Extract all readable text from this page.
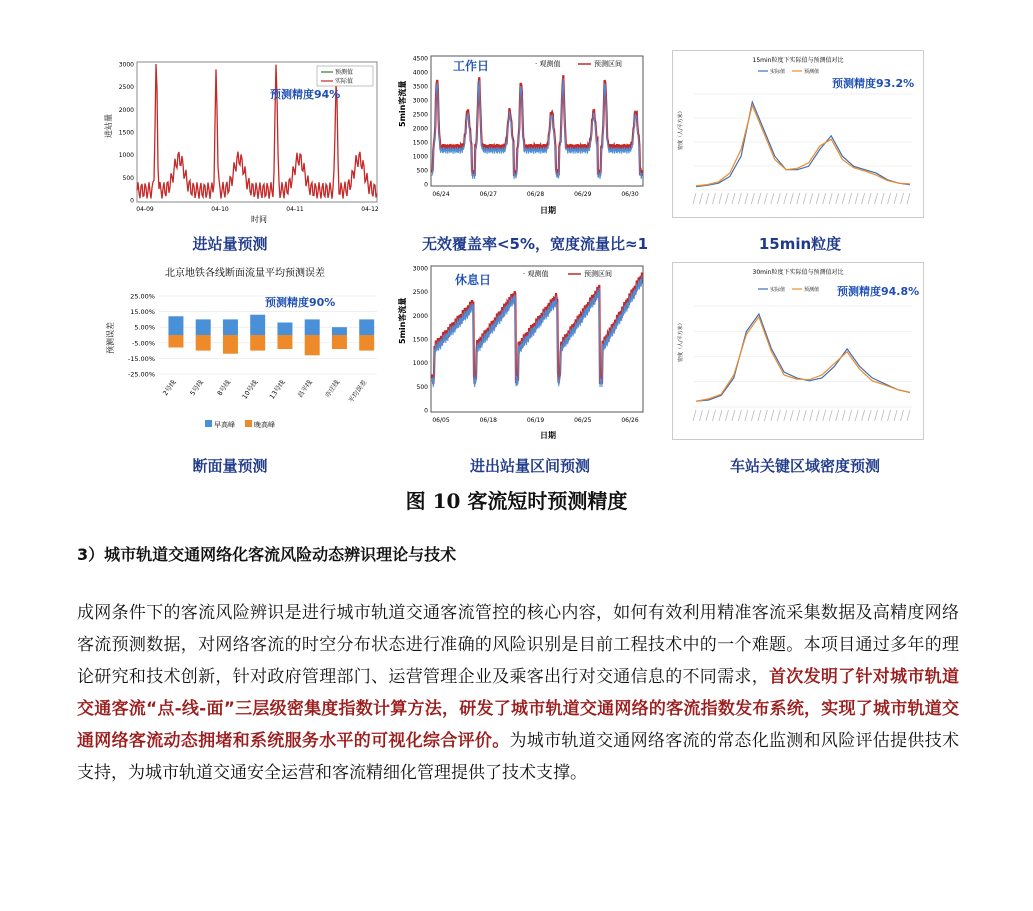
3000
2500
2000
1500
1000
500
0
04-09	04-10	04-11	04-12
进站量
时间
预测值
实际值
预测精度94%
进站量预测
4500
4000
3500
3000
2500
2000
1500
1000
500
0
06/24	06/27	06/28	06/29	06/30
5min客流量
日期
工作日	· 观测值	预测区间
无效覆盖率<5%，宽度流量比≈1
15min粒度下实际值与预测值对比
实际值	预测值
预测精度93.2%
密度（人/平方米）
15min粒度
北京地铁各线断面流量平均预测误差
预测精度90%
预测误差
25.00%
15.00%
5.00%
-5.00%
-15.00%
-25.00%
2号线 5号线 8号线 10号线 13号线 昌平线 亦庄线 平均误差
早高峰	晚高峰
断面量预测
3000
2500
2000
1500
1000
500
0
06/05	06/18	06/19	06/25	06/26
5min客流量
日期
休息日	· 观测值	预测区间
进出站量区间预测
30min粒度下实际值与预测值对比
实际值	预测值 预测精度94.8%
密度（人/平方米）
车站关键区域密度预测
图 10 客流短时预测精度
3）城市轨道交通网络化客流风险动态辨识理论与技术
成网条件下的客流风险辨识是进行城市轨道交通客流管控的核心内容，如何有效利用精准客流采集数据及高精度网络客流预测数据，对网络客流的时空分布状态进行准确的风险识别是目前工程技术中的一个难题。本项目通过多年的理论研究和技术创新，针对政府管理部门、运营管理企业及乘客出行对交通信息的不同需求，首次发明了针对城市轨道交通客流“点-线-面”三层级密集度指数计算方法，研发了城市轨道交通网络的客流指数发布系统，实现了城市轨道交通网络客流动态拥堵和系统服务水平的可视化综合评价。为城市轨道交通网络客流的常态化监测和风险评估提供技术支持，为城市轨道交通安全运营和客流精细化管理提供了技术支撑。
